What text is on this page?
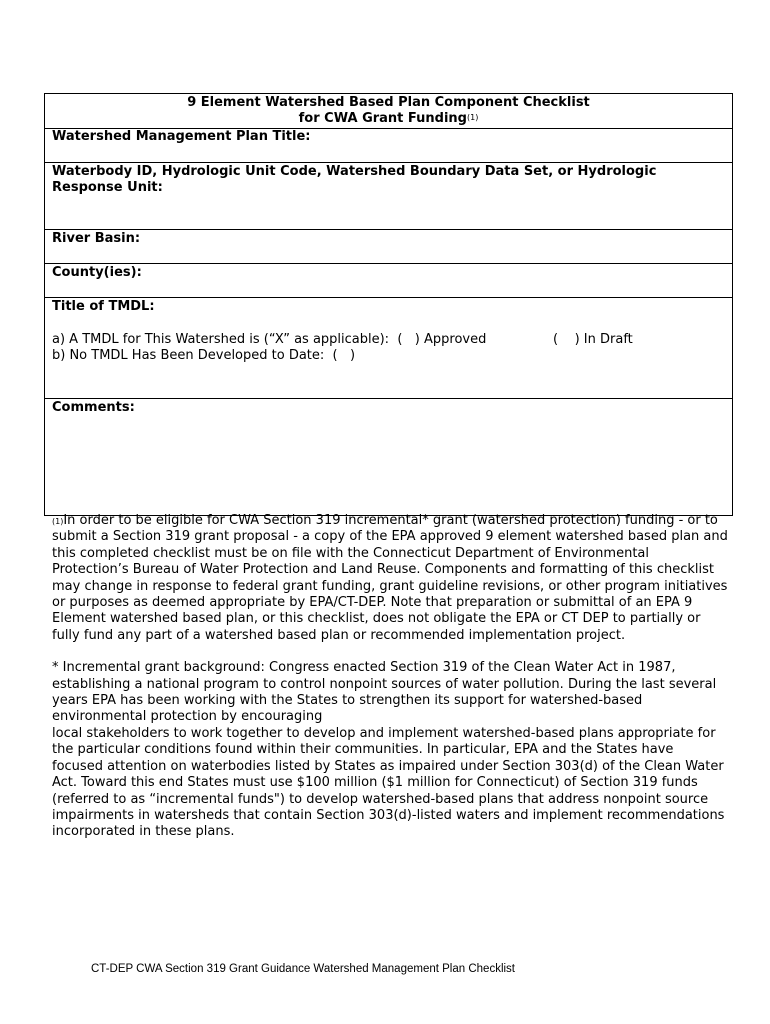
9 Element Watershed Based Plan Component Checklist
for CWA Grant Funding$^{(1)}$
Watershed Management Plan Title:
Waterbody ID, Hydrologic Unit Code, Watershed Boundary Data Set, or Hydrologic Response Unit:
River Basin:
County(ies):
Title of TMDL:
a) A TMDL for This Watershed is (“X” as applicable):  (   ) Approved	(    ) In Draft
b) No TMDL Has Been Developed to Date:  (   )
Comments:

$^{(1)}$In order to be eligible for CWA Section 319 incremental* grant (watershed protection) funding - or to submit a Section 319 grant proposal - a copy of the EPA approved 9 element watershed based plan and this completed checklist must be on file with the Connecticut Department of Environmental Protection’s Bureau of Water Protection and Land Reuse. Components and formatting of this checklist may change in response to federal grant funding, grant guideline revisions, or other program initiatives or purposes as deemed appropriate by EPA/CT-DEP. Note that preparation or submittal of an EPA 9 Element watershed based plan, or this checklist, does not obligate the EPA or CT DEP to partially or fully fund any part of a watershed based plan or recommended implementation project.

* Incremental grant background: Congress enacted Section 319 of the Clean Water Act in 1987, establishing a national program to control nonpoint sources of water pollution. During the last several years EPA has been working with the States to strengthen its support for watershed-based environmental protection by encouraging
local stakeholders to work together to develop and implement watershed-based plans appropriate for the particular conditions found within their communities. In particular, EPA and the States have focused attention on waterbodies listed by States as impaired under Section 303(d) of the Clean Water Act. Toward this end States must use $100 million ($1 million for Connecticut) of Section 319 funds (referred to as “incremental funds") to develop watershed-based plans that address nonpoint source impairments in watersheds that contain Section 303(d)-listed waters and implement recommendations incorporated in these plans.

CT-DEP CWA Section 319 Grant Guidance Watershed Management Plan Checklist
